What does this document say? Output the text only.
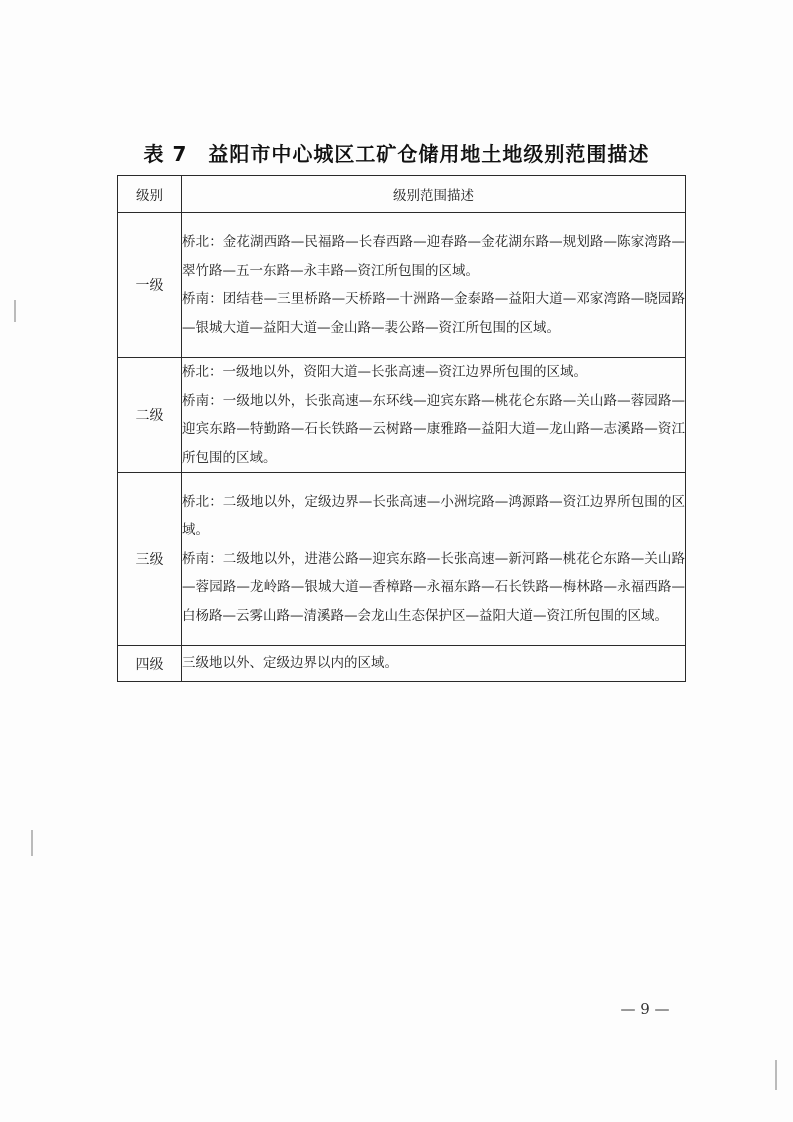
表 7　益阳市中心城区工矿仓储用地土地级别范围描述
级别	级别范围描述
一级	桥北：金花湖西路—民福路—长春西路—迎春路—金花湖东路—规划路—陈家湾路—翠竹路—五一东路—永丰路—资江所包围的区域。

桥南：团结巷—三里桥路—天桥路—十洲路—金泰路—益阳大道—邓家湾路—晓园路—银城大道—益阳大道—金山路—裴公路—资江所包围的区域。

二级	桥北：一级地以外，资阳大道—长张高速—资江边界所包围的区域。

桥南：一级地以外，长张高速—东环线—迎宾东路—桃花仑东路—关山路—蓉园路—迎宾东路—特勤路—石长铁路—云树路—康雅路—益阳大道—龙山路—志溪路—资江所包围的区域。

三级	桥北：二级地以外，定级边界—长张高速—小洲垸路—鸿源路—资江边界所包围的区域。

桥南：二级地以外，进港公路—迎宾东路—长张高速—新河路—桃花仑东路—关山路—蓉园路—龙岭路—银城大道—香樟路—永福东路—石长铁路—梅林路—永福西路—白杨路—云雾山路—清溪路—会龙山生态保护区—益阳大道—资江所包围的区域。

四级	三级地以外、定级边界以内的区域。

— 9 —
